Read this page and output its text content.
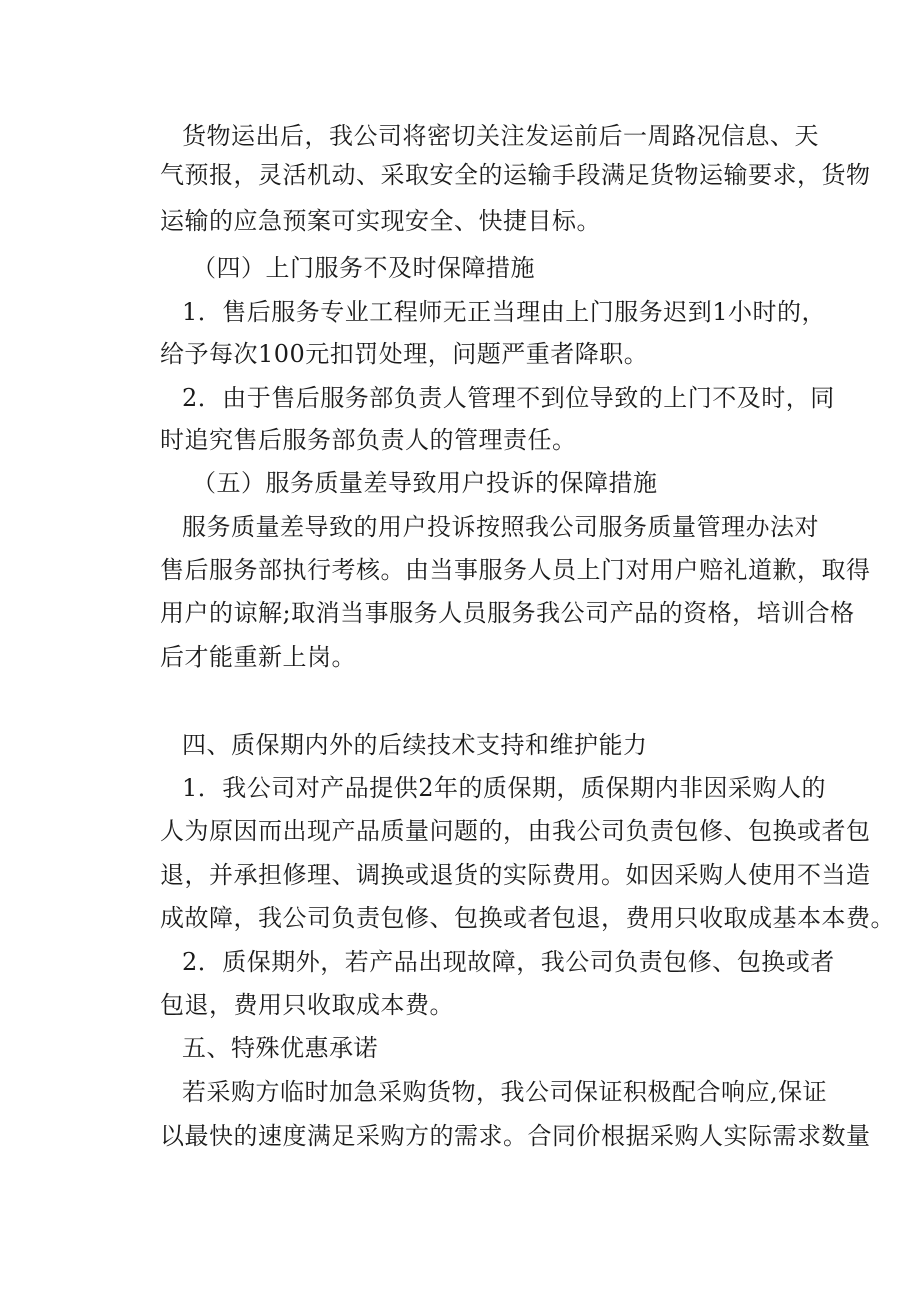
货物运出后，我公司将密切关注发运前后一周路况信息、天
气预报，灵活机动、采取安全的运输手段满足货物运输要求，货物
运输的应急预案可实现安全、快捷目标。
（四）上门服务不及时保障措施
1．售后服务专业工程师无正当理由上门服务迟到1小时的，
给予每次100元扣罚处理，问题严重者降职。
2．由于售后服务部负责人管理不到位导致的上门不及时，同
时追究售后服务部负责人的管理责任。
（五）服务质量差导致用户投诉的保障措施
服务质量差导致的用户投诉按照我公司服务质量管理办法对
售后服务部执行考核。由当事服务人员上门对用户赔礼道歉，取得
用户的谅解;取消当事服务人员服务我公司产品的资格，培训合格
后才能重新上岗。
四、质保期内外的后续技术支持和维护能力
1．我公司对产品提供2年的质保期，质保期内非因采购人的
人为原因而出现产品质量问题的，由我公司负责包修、包换或者包
退，并承担修理、调换或退货的实际费用。如因采购人使用不当造
成故障，我公司负责包修、包换或者包退，费用只收取成基本本费。
2．质保期外，若产品出现故障，我公司负责包修、包换或者
包退，费用只收取成本费。
五、特殊优惠承诺
若采购方临时加急采购货物，我公司保证积极配合响应,保证
以最快的速度满足采购方的需求。合同价根据采购人实际需求数量
